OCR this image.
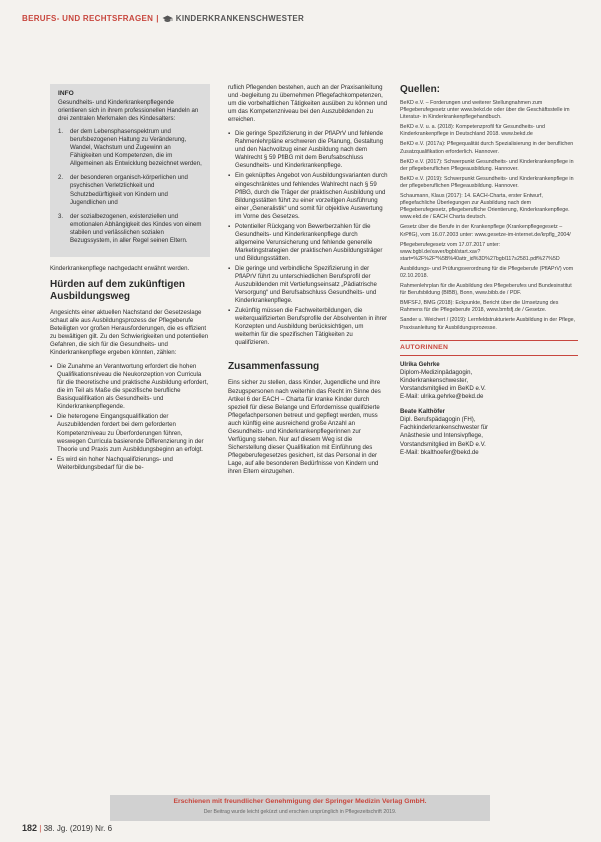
BERUFS- UND RECHTSFRAGEN | KINDERKRANKENSCHWESTER
INFO

Gesundheits- und Kinderkrankenpflegende orientieren sich in ihrem professionellen Handeln an drei zentralen Merkmalen des Kindesalters:

1.	der dem Lebensphasenspektrum und berufsbezogenen Haltung zu Veränderung, Wandel, Wachstum und Zugewinn an Fähigkeiten und Kompetenzen, die im Allgemeinen als Entwicklung bezeichnet werden,
2.	der besonderen organisch-körperlichen und psychischen Verletzlichkeit und Schutzbedürftigkeit von Kindern und Jugendlichen und
3.	der sozialbezogenen, existenziellen und emotionalen Abhängigkeit des Kindes von einem stabilen und verlässlichen sozialen Bezugssystem, in aller Regel seinen Eltern.

Kinderkrankenpflege nachgedacht erwähnt werden.

Hürden auf dem zukünftigen Ausbildungsweg

Angesichts einer aktuellen Nachstand der Gesetzeslage schaut alle aus Ausbildungsprozess der Pflegeberufe Beteiligten vor großen Herausforderungen, die es effizient zu bewältigen gilt. Zu den Schwierigkeiten und potentiellen Gefahren, die sich für die Gesundheits- und Kinderkrankenpflege ergeben könnten, zählen:

▪ Die Zunahme an Verantwortung erfordert die hohen Qualifikationsniveau die Neukonzeption von Curricula für die theoretische und praktische Ausbildung erfordert, die im Teil als Maße die spezifische berufliche Basisqualifikation als Gesundheits- und Kinderkrankenpflegende.
▪ Die heterogene Eingangsqualifikation der Auszubildenden fordert bei dem geforderten Kompetenzniveau zu Überforderungen führen, weswegen Curricula basierende Differenzierung in der Theorie und Praxis zum Ausbildungsbeginn an erfolgt.
▪ Es wird ein hoher Nachqualifizierungs- und Weiterbildungsbedarf für die be-

ruflich Pflegenden bestehen, auch an der Praxisanleitung und -begleitung zu übernehmen Pflegefachkompetenzen, um die vorbehaltlichen Tätigkeiten ausüben zu können und um das Kompetenzniveau bei den Auszubildenden zu erreichen.

▪ Die geringe Spezifizierung in der PflAPrV und fehlende Rahmenlehrpläne erschweren die Planung, Gestaltung und den Nachvollzug einer Ausbildung nach dem Wahlrecht § 59 PflBG mit dem Berufsabschluss Gesundheits- und Kinderkrankenpflege.
▪ Ein geknüpftes Angebot von Ausbildungsvarianten durch eingeschränktes und fehlendes Wahlrecht nach § 59 PflBG, durch die Träger der praktischen Ausbildung und Bildungsstätten führt zu einer vorzeitigen Ausführung einer „Generalistik“ und somit für objektive Auswertung im Vorne des Gesetzes.
▪ Potentieller Rückgang von Bewerberzahlen für die Gesundheits- und Kinderkrankenpflege durch allgemeine Verunsicherung und fehlende generelle Marketingstrategien der praktischen Ausbildungsträger und Bildungsstätten.
▪ Die geringe und verbindliche Spezifizierung in der PflAPrV führt zu unterschiedlichen Berufsprofil der Auszubildenden mit Vertiefungseinsatz „Pädiatrische Versorgung“ und Berufsabschluss Gesundheits- und Kinderkrankenpflege.
▪ Zukünftig müssen die Fachweiterbildungen, die weiterqualifizierten Berufsprofile der Absolventen in ihrer Konzepten und Ausbildung berücksichtigen, um weiterhin für die spezifischen Tätigkeiten zu qualifizieren.
Zusammenfassung

Eins sicher zu stellen, dass Kinder, Jugendliche und ihre Bezugspersonen nach weiterhin das Recht im Sinne des Artikel 6 der EACH – Charta für kranke Kinder durch speziell für diese Belange und Erfordernisse qualifizierte Pflegefachpersonen betreut und gepflegt werden, muss auch künftig eine ausreichend große Anzahl an Gesundheits- und Kinderkrankenpflegerinnen zur Verfügung stehen. Nur auf diesem Weg ist die Sicherstellung dieser Qualifikation mit Einführung des Pflegeberufegesetzes gesichert, ist das Personal in der Lage, auf alle besonderen Bedürfnisse von Kindern und ihren Eltern einzugehen.

Quellen:
BeKD e.V. – Forderungen und weiterer Stellungnahmen zum Pflegeberufegesetz unter www.bekd.de oder über die Geschäftsstelle im Literatur- in Kinderkrankenpflegehandbuch.
BeKD e.V. u. a. (2018): Kompetenzprofil für Gesundheits- und Kinderkrankenpflege in Deutschland 2018. www.bekd.de
BeKD e.V. (2017a): Pflegequalität durch Spezialisierung in der beruflichen Zusatzqualifikation erforderlich. Hannover.
BeKD e.V. (2017): Schwerpunkt Gesundheits- und Kinderkrankenpflege in der pflegeberuflichen Pflegeausbildung. Hannover.
BeKD e.V. (2019): Schwerpunkt Gesundheits- und Kinderkrankenpflege in der pflegeberuflichen Pflegeausbildung. Hannover.
Schaumann, Klaus (2017): 14. EACH-Charta, erster Entwurf, pflegefachliche Überlegungen zur Ausbildung nach dem Pflegeberufegesetz, pflegeberufliche Orientierung, Kinderkrankenpflege. www.ekd.de / EACH Charta deutsch.
Gesetz über die Berufe in der Krankenpflege (Krankenpflegegesetz – KrPflG), vom 16.07.2003 unter: www.gesetze-im-internet.de/krpflg_2004/
Pflegeberufegesetz vom 17.07.2017 unter: www.bgbl.de/xaver/bgbl/start.xav?start=%2F%2F*%5B%40attr_id%3D%27bgbl117s2581.pdf%27%5D
Ausbildungs- und Prüfungsverordnung für die Pflegeberufe (PflAPrV) vom 02.10.2018.
Rahmenlehrplan für die Ausbildung des Pflegeberufes und Bundesinstitut für Berufsbildung (BIBB), Bonn, www.bibb.de / PDF.
BMFSFJ, BMG (2018): Eckpunkte, Bericht über die Umsetzung des Rahmens für die Pflegeberufe 2018, www.bmfsfj.de / Gesetze.
Sander u. Weichert / (2019): Lernfeldstrukturierte Ausbildung in der Pflege, Praxisanleitung für Ausbildungsprozesse.
AUTORINNEN
Ulrika Gehrke
Diplom-Medizinpädagogin,
Kinderkrankenschwester,
Vorstandsmitglied im BeKD e.V.
E-Mail: ulrika.gehrke@bekd.de
Beate Kalthöfer
Dipl. Berufspädagogin (FH),
Fachkinderkrankenschwester für
Anästhesie und Intensivpflege,
Vorstandsmitglied im BeKD e.V.
E-Mail: bkalthoefer@bekd.de
Erschienen mit freundlicher Genehmigung der Springer Medizin Verlag GmbH.
Der Beitrag wurde leicht gekürzt und erschien ursprünglich in Pflegezeitschrift 2019.
182 | 38. Jg. (2019) Nr. 6
